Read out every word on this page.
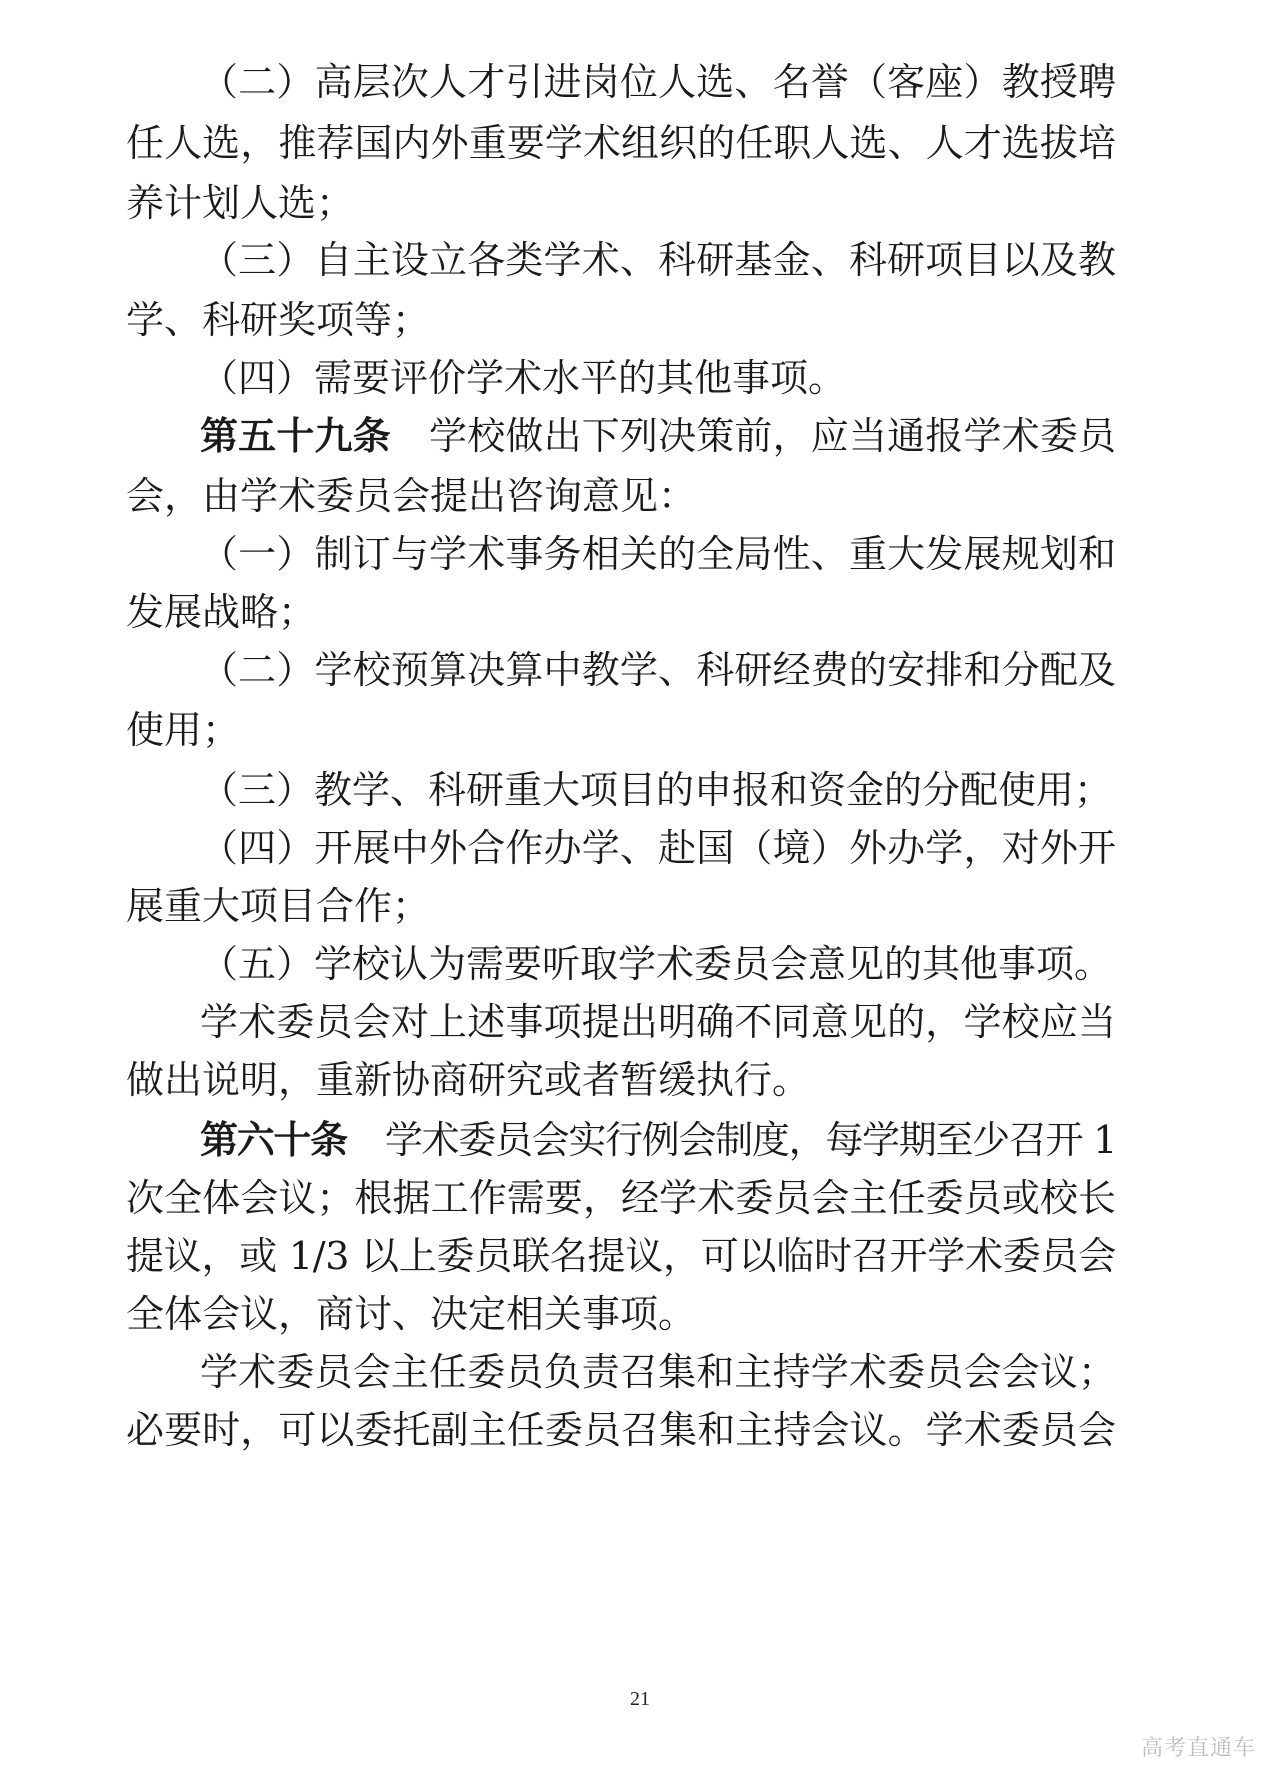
（二）高层次人才引进岗位人选、名誉（客座）教授聘
任人选，推荐国内外重要学术组织的任职人选、人才选拔培
养计划人选；
（三）自主设立各类学术、科研基金、科研项目以及教
学、科研奖项等；
（四）需要评价学术水平的其他事项。
第五十九条  学校做出下列决策前，应当通报学术委员
会，由学术委员会提出咨询意见：
（一）制订与学术事务相关的全局性、重大发展规划和
发展战略；
（二）学校预算决算中教学、科研经费的安排和分配及
使用；
（三）教学、科研重大项目的申报和资金的分配使用；
（四）开展中外合作办学、赴国（境）外办学，对外开
展重大项目合作；
（五）学校认为需要听取学术委员会意见的其他事项。
学术委员会对上述事项提出明确不同意见的，学校应当
做出说明，重新协商研究或者暂缓执行。
第六十条  学术委员会实行例会制度，每学期至少召开 1
次全体会议；根据工作需要，经学术委员会主任委员或校长
提议，或 1/3 以上委员联名提议，可以临时召开学术委员会
全体会议，商讨、决定相关事项。
学术委员会主任委员负责召集和主持学术委员会会议；
必要时，可以委托副主任委员召集和主持会议。学术委员会
21
高考直通车
